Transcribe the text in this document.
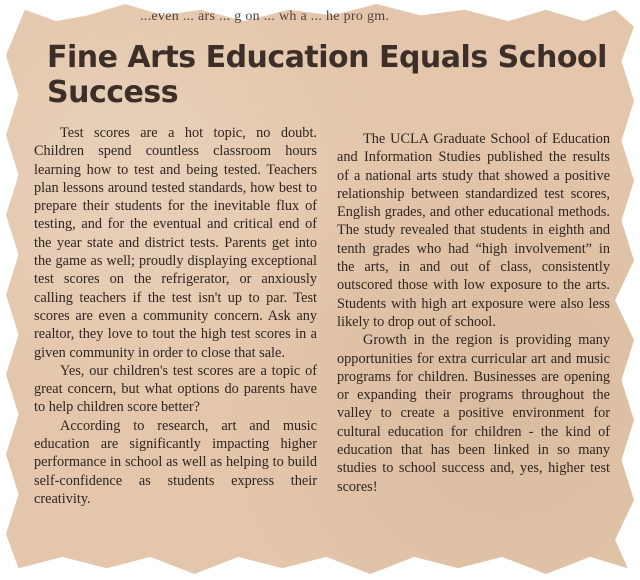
...even ... ars ... g on ... wh a ... he pro gm.
Fine Arts Education Equals School Success

Test scores are a hot topic, no doubt. Children spend countless classroom hours learning how to test and being tested. Teachers plan lessons around tested standards, how best to prepare their students for the inevitable flux of testing, and for the eventual and critical end of the year state and district tests. Parents get into the game as well; proudly displaying exceptional test scores on the refrigerator, or anxiously calling teachers if the test isn't up to par. Test scores are even a community concern. Ask any realtor, they love to tout the high test scores in a given community in order to close that sale.

Yes, our children's test scores are a topic of great concern, but what options do parents have to help children score better?

According to research, art and music education are significantly impacting higher performance in school as well as helping to build self-confidence as students express their creativity.

The UCLA Graduate School of Education and Information Studies published the results of a national arts study that showed a positive relationship between standardized test scores, English grades, and other educational methods. The study revealed that students in eighth and tenth grades who had “high involvement” in the arts, in and out of class, consistently outscored those with low exposure to the arts. Students with high art exposure were also less likely to drop out of school.

Growth in the region is providing many opportunities for extra curricular art and music programs for children. Businesses are opening or expanding their programs throughout the valley to create a positive environment for cultural education for children - the kind of education that has been linked in so many studies to school success and, yes, higher test scores!
